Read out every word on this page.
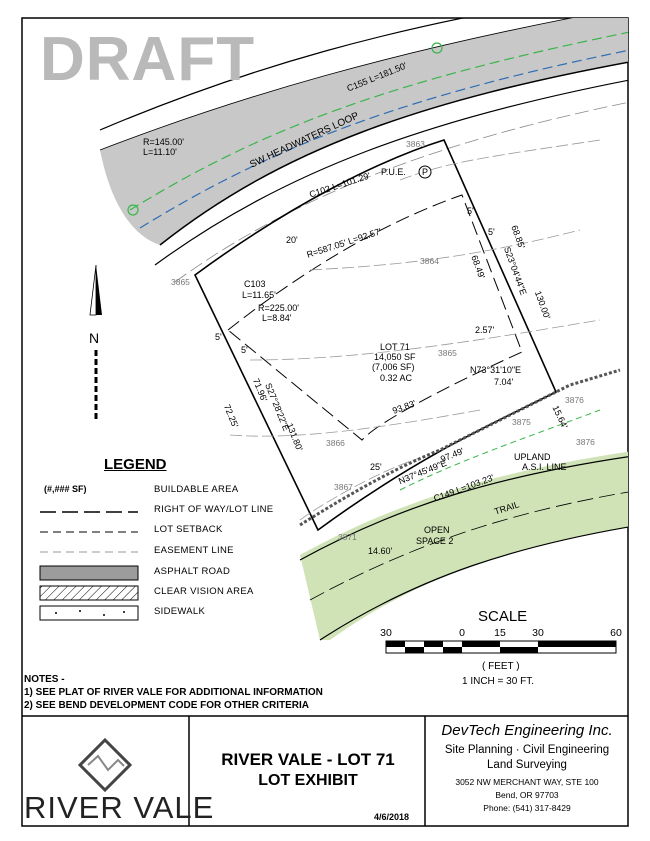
DRAFT
SW HEADWATERS LOOP
C155 L=181.50'
R=145.00'
L=11.10'
P.U.E. P
C102 L=101.29'
R=587.05' L=92.57'
20'
C103
L=11.65'
R=225.00'
L=8.84'
5'
5'
5'
5' 68.85'
S23°04'44"E
68.49'
130.00'
2.57'
LOT 71
14,050 SF
(7,006 SF)
0.32 AC
N73°31'10"E
7.04'
93.83'	15.64'
71.96'
S27°28'22"E
131.80'
72.25'
25' N37°45'49"E
97.49'	UPLAND
A.S.I. LINE
C149 L=103.23'
TRAIL
OPEN
SPACE 2
14.60'
3863
3864
3865
3866
3867
3875
3876
3876
3871
3865
N
LEGEND
(#,### SF)	BUILDABLE AREA
RIGHT OF WAY/LOT LINE
LOT SETBACK
EASEMENT LINE
ASPHALT ROAD
CLEAR VISION AREA
SIDEWALK	SCALE
30	0	15	30	60
( FEET )
1 INCH = 30 FT.
NOTES -
1) SEE PLAT OF RIVER VALE FOR ADDITIONAL INFORMATION
2) SEE BEND DEVELOPMENT CODE FOR OTHER CRITERIA
RIVER VALE
RIVER VALE - LOT 71
LOT EXHIBIT
4/6/2018
DevTech Engineering Inc.
Site Planning · Civil Engineering
Land Surveying
3052 NW MERCHANT WAY, STE 100
Bend, OR 97703
Phone: (541) 317-8429
